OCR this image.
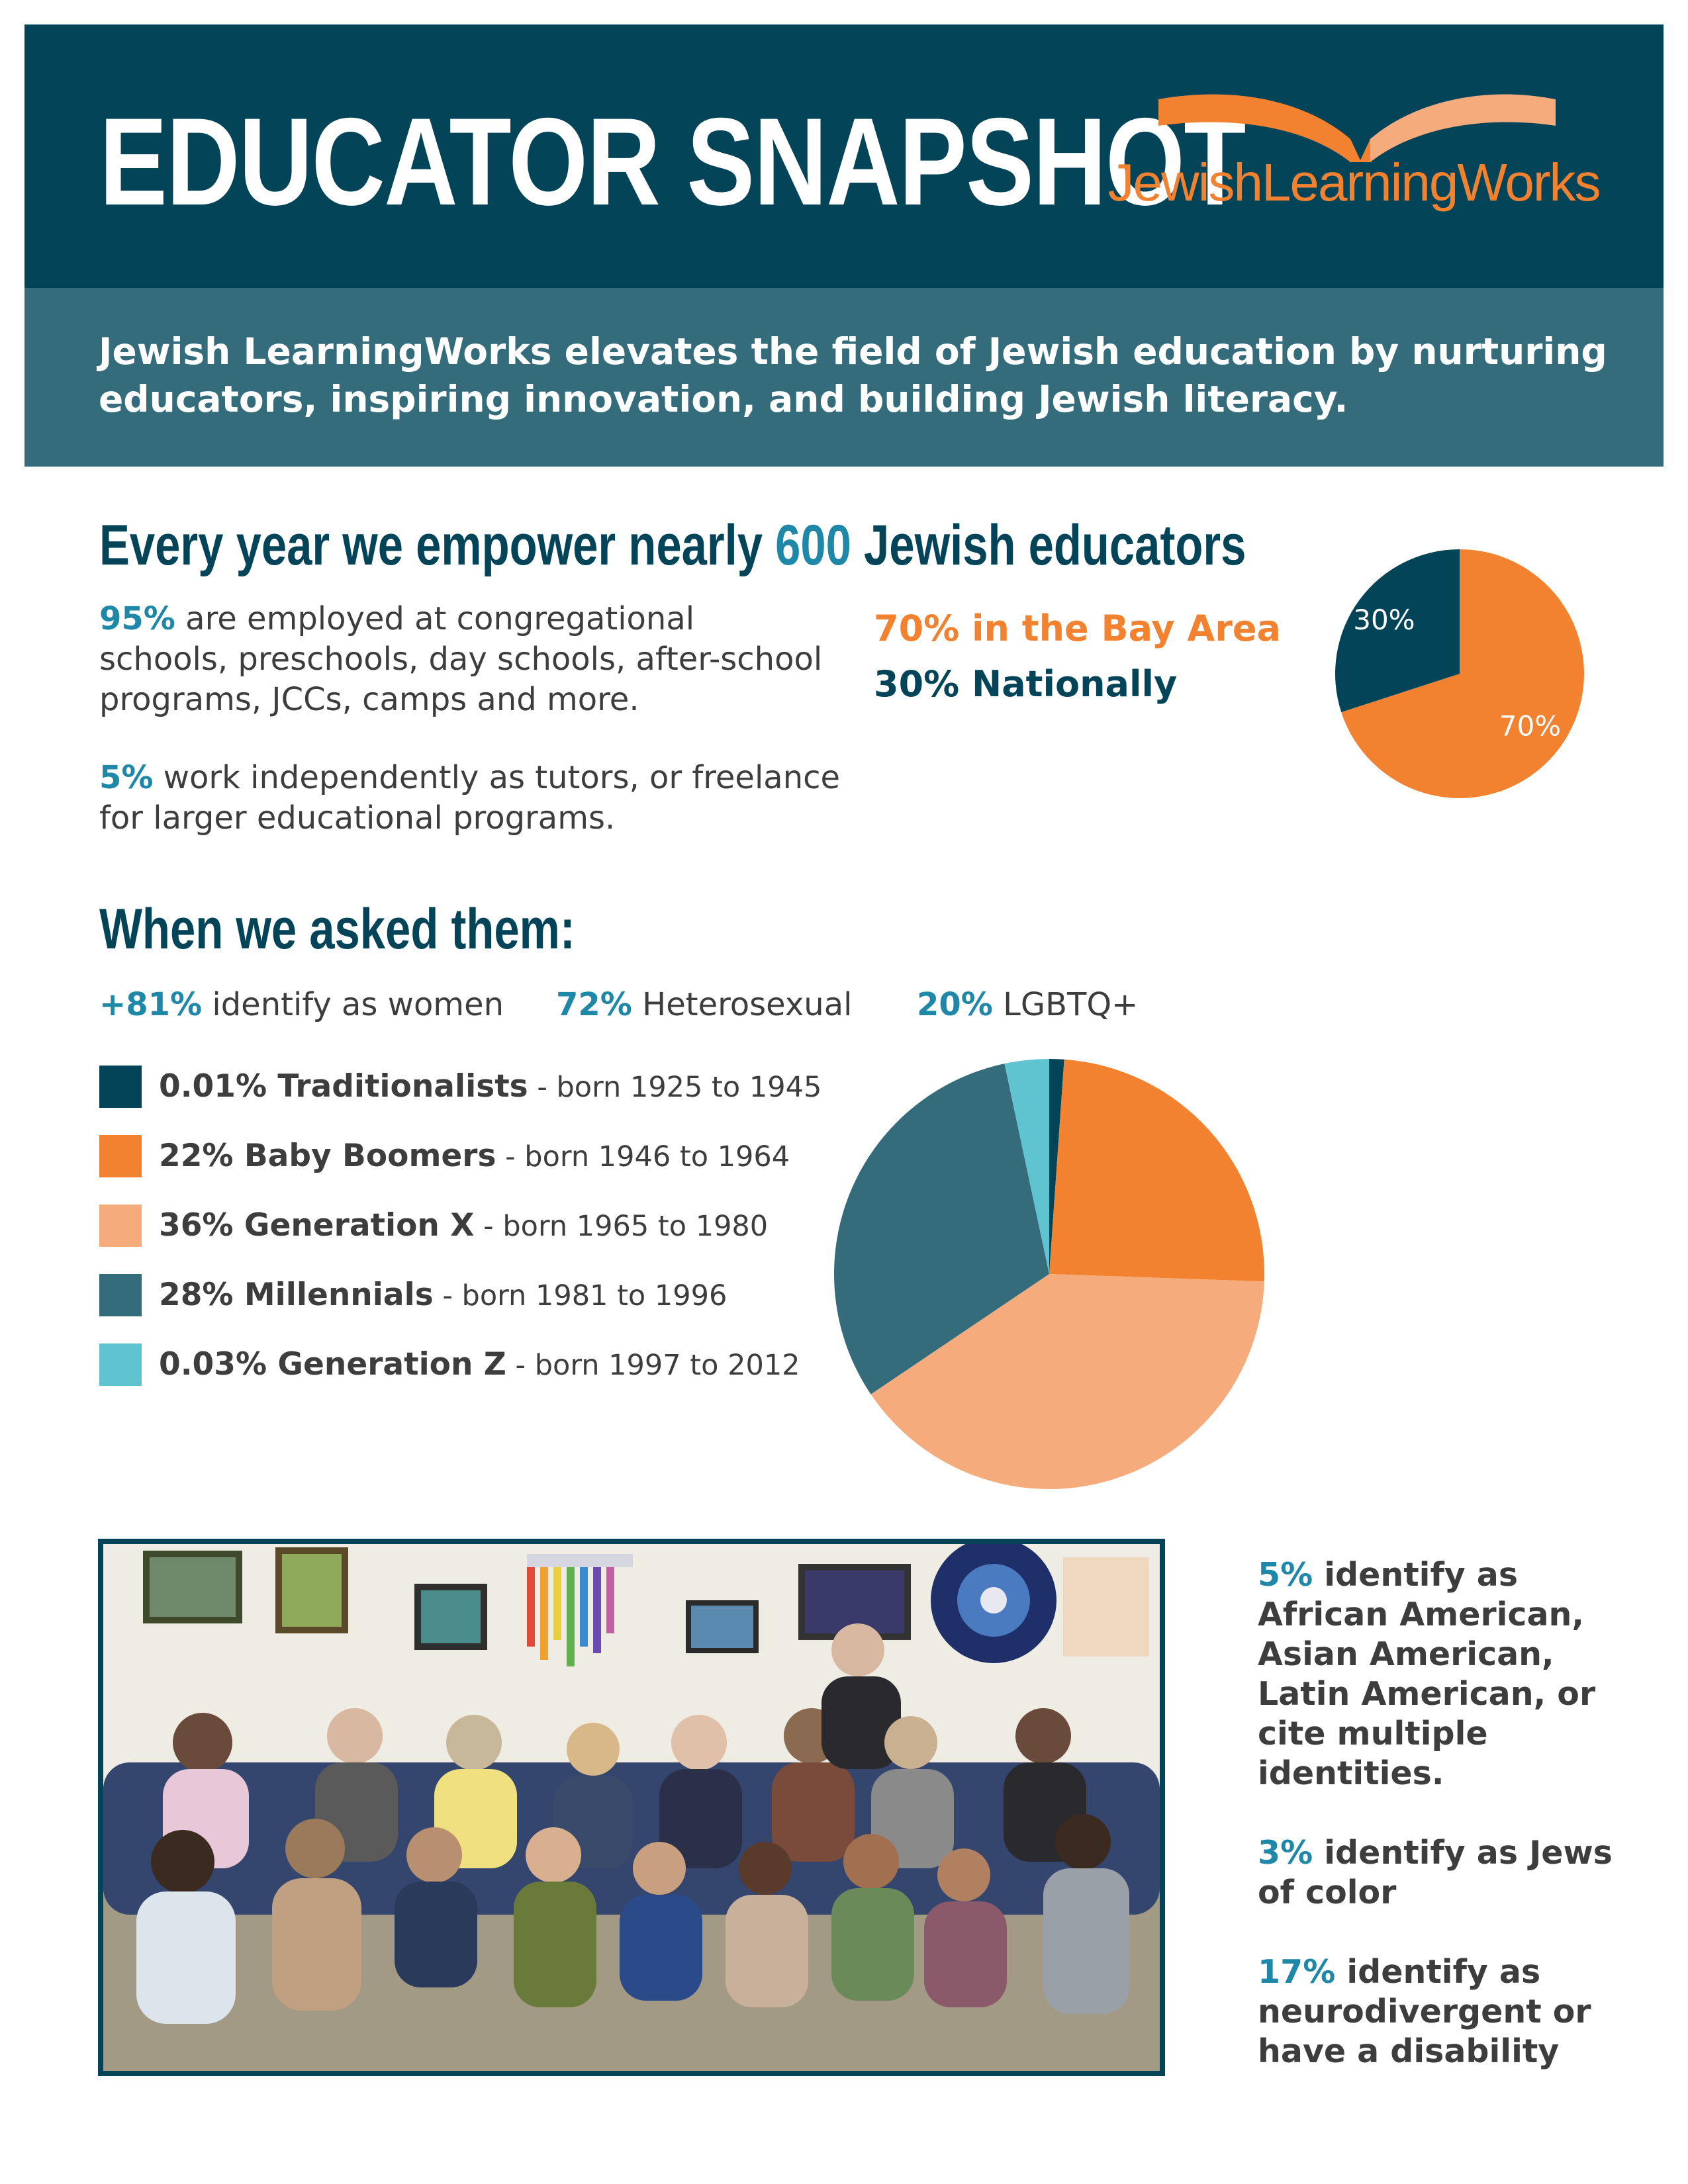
EDUCATOR SNAPSHOT
JewishLearningWorks

Jewish LearningWorks elevates the field of Jewish education by nurturing educators, inspiring innovation, and building Jewish literacy.

Every year we empower nearly 600 Jewish educators

95% are employed at congregational schools, preschools, day schools, after-school programs, JCCs, camps and more.

5% work independently as tutors, or freelance for larger educational programs.

70% in the Bay Area
30% Nationally
70%
30%
When we asked them:
+81% identify as women 72% Heterosexual 20% LGBTQ+
0.01% Traditionalists - born 1925 to 1945
22% Baby Boomers - born 1946 to 1964
36% Generation X - born 1965 to 1980
28% Millennials - born 1981 to 1996
0.03% Generation Z - born 1997 to 2012

5% identify as African American, Asian American, Latin American, or cite multiple identities.

3% identify as Jews of color

17% identify as neurodivergent or have a disability
